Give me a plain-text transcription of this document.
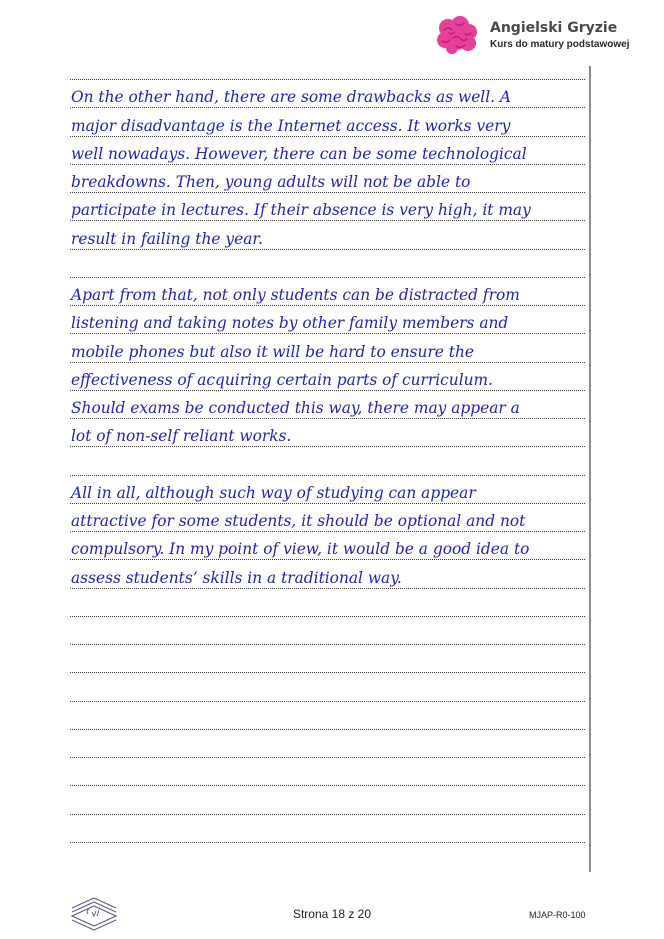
Angielski Gryzie
Kurs do matury podstawowej
On the other hand, there are some drawbacks as well. A
major disadvantage is the Internet access. It works very
well nowadays. However, there can be some technological
breakdowns. Then, young adults will not be able to
participate in lectures. If their absence is very high, it may
result in failing the year.
Apart from that, not only students can be distracted from
listening and taking notes by other family members and
mobile phones but also it will be hard to ensure the
effectiveness of acquiring certain parts of curriculum.
Should exams be conducted this way, there may appear a
lot of non-self reliant works.
All in all, although such way of studying can appear
attractive for some students, it should be optional and not
compulsory. In my point of view, it would be a good idea to
assess students’ skills in a traditional way.
Strona 18 z 20	MJAP-R0-100
